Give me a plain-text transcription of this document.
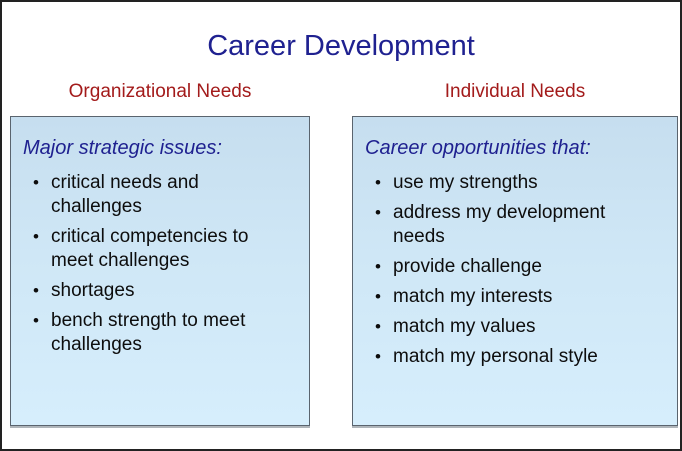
Career Development
Organizational Needs	Individual Needs
Major strategic issues:
• critical needs and challenges
• critical competencies to meet challenges
• shortages
• bench strength to meet challenges
Career opportunities that:
• use my strengths
• address my development needs
• provide challenge
• match my interests
• match my values
• match my personal style
